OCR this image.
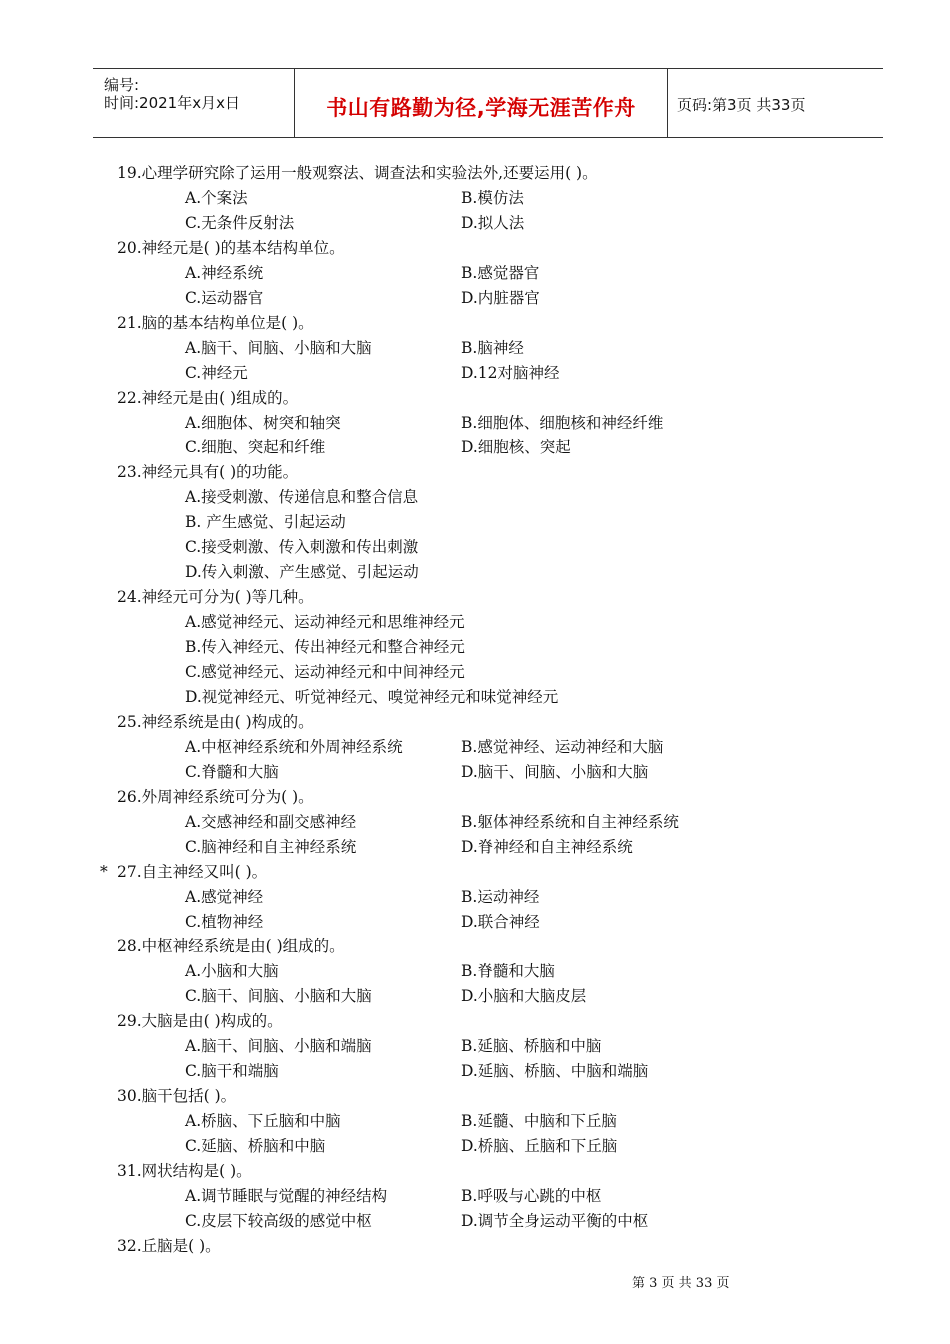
编号:
时间:2021年x月x日	书山有路勤为径,学海无涯苦作舟	页码:第3页 共33页
19.心理学研究除了运用一般观察法、调查法和实验法外,还要运用( )。
A.个案法	B.模仿法
C.无条件反射法	D.拟人法
20.神经元是( )的基本结构单位。
A.神经系统	B.感觉器官
C.运动器官	D.内脏器官
21.脑的基本结构单位是( )。
A.脑干、间脑、小脑和大脑	B.脑神经
C.神经元	D.12对脑神经
22.神经元是由( )组成的。
A.细胞体、树突和轴突	B.细胞体、细胞核和神经纤维
C.细胞、突起和纤维	D.细胞核、突起
23.神经元具有( )的功能。
A.接受刺激、传递信息和整合信息
B. 产生感觉、引起运动
C.接受刺激、传入刺激和传出刺激
D.传入刺激、产生感觉、引起运动
24.神经元可分为( )等几种。
A.感觉神经元、运动神经元和思维神经元
B.传入神经元、传出神经元和整合神经元
C.感觉神经元、运动神经元和中间神经元
D.视觉神经元、听觉神经元、嗅觉神经元和味觉神经元
25.神经系统是由( )构成的。
A.中枢神经系统和外周神经系统	B.感觉神经、运动神经和大脑
C.脊髓和大脑	D.脑干、间脑、小脑和大脑
26.外周神经系统可分为( )。
A.交感神经和副交感神经	B.躯体神经系统和自主神经系统
C.脑神经和自主神经系统	D.脊神经和自主神经系统
* 27.自主神经又叫( )。
A.感觉神经	B.运动神经
C.植物神经	D.联合神经
28.中枢神经系统是由( )组成的。
A.小脑和大脑	B.脊髓和大脑
C.脑干、间脑、小脑和大脑	D.小脑和大脑皮层
29.大脑是由( )构成的。
A.脑干、间脑、小脑和端脑	B.延脑、桥脑和中脑
C.脑干和端脑	D.延脑、桥脑、中脑和端脑
30.脑干包括( )。
A.桥脑、下丘脑和中脑	B.延髓、中脑和下丘脑
C.延脑、桥脑和中脑	D.桥脑、丘脑和下丘脑
31.网状结构是( )。
A.调节睡眠与觉醒的神经结构	B.呼吸与心跳的中枢
C.皮层下较高级的感觉中枢	D.调节全身运动平衡的中枢
32.丘脑是( )。
第 3 页 共 33 页
